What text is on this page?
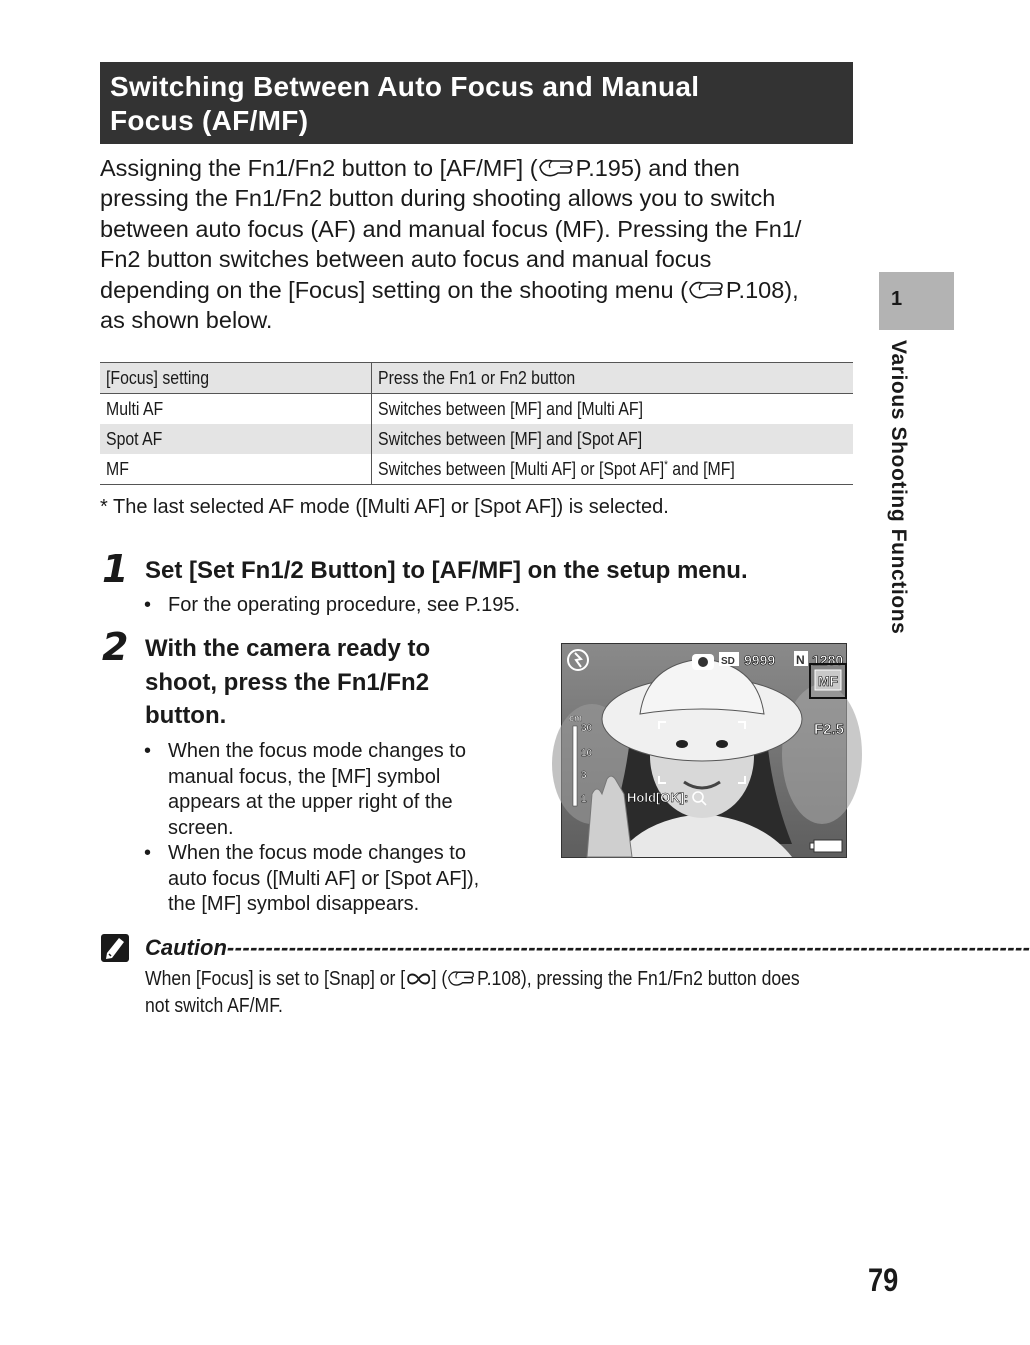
Switching Between Auto Focus and Manual
Focus (AF/MF)
Assigning the Fn1/Fn2 button to [AF/MF] ( P.195) and then
pressing the Fn1/Fn2 button during shooting allows you to switch
between auto focus (AF) and manual focus (MF). Pressing the Fn1/
Fn2 button switches between auto focus and manual focus
depending on the [Focus] setting on the shooting menu ( P.108),
as shown below.
[Focus] setting	Press the Fn1 or Fn2 button
Multi AF	Switches between [MF] and [Multi AF]
Spot AF	Switches between [MF] and [Spot AF]
MF	Switches between [Multi AF] or [Spot AF]* and [MF]
* The last selected AF mode ([Multi AF] or [Spot AF]) is selected.
1 Set [Set Fn1/2 Button] to [AF/MF] on the setup menu.
• For the operating procedure, see P.195.
2 With the camera ready to
shoot, press the Fn1/Fn2
button.
• When the focus mode changes to
manual focus, the [MF] symbol
appears at the upper right of the
screen.
• When the focus mode changes to
auto focus ([Multi AF] or [Spot AF]),
the [MF] symbol disappears.
SD 9999 N 1280
MF
F2.5
cm
30
10
3
1	Hold[OK]:
Caution--------------------------------------------------------------------------------------------------------
When [Focus] is set to [Snap] or [ ] ( P.108), pressing the Fn1/Fn2 button does
not switch AF/MF.
1
Various Shooting Functions
79
